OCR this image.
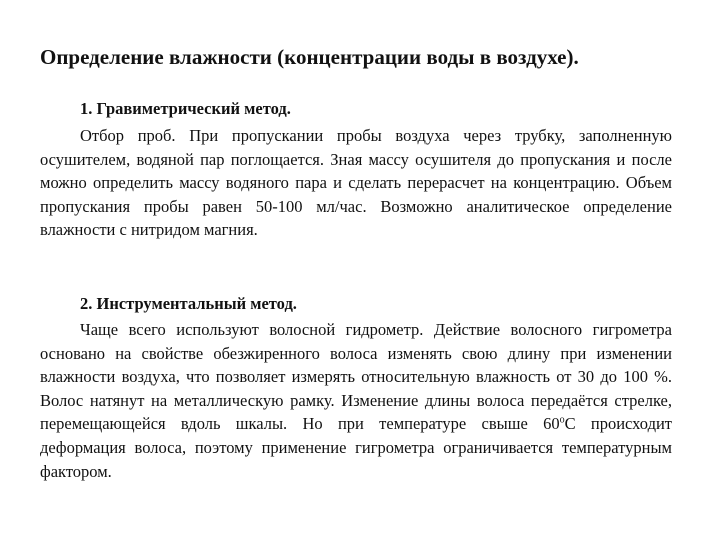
Определение влажности (концентрации воды в воздухе).

1. Гравиметрический метод.

Отбор проб. При пропускании пробы воздуха через трубку, заполненную осушителем, водяной пар поглощается. Зная массу осушителя до пропускания и после можно определить массу водяного пара и сделать перерасчет на концентрацию. Объем пропускания пробы равен 50-100 мл/час. Возможно аналитическое определение влажности с нитридом магния.

2. Инструментальный метод.

Чаще всего используют волосной гидрометр. Действие волосного гигрометра основано на свойстве обезжиренного волоса изменять свою длину при изменении влажности воздуха, что позволяет измерять относительную влажность от 30 до 100 %. Волос натянут на металлическую рамку. Изменение длины волоса передаётся стрелке, перемещающейся вдоль шкалы. Но при температуре свыше $60^оС$ происходит деформация волоса, поэтому применение гигрометра ограничивается температурным фактором.
